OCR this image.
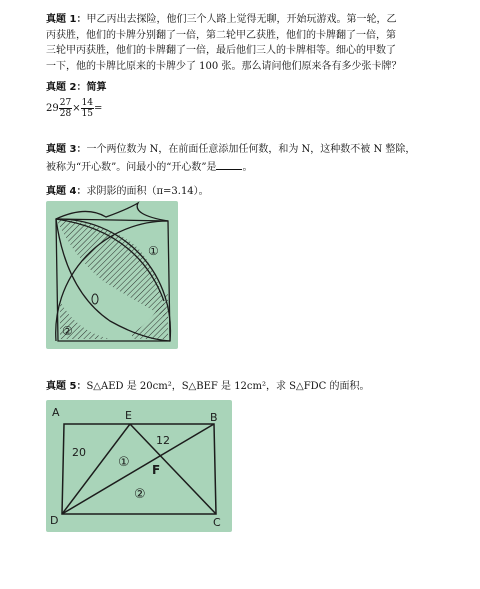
真题 1：甲乙丙出去探险，他们三个人路上觉得无聊，开始玩游戏。第一轮，乙
丙获胜，他们的卡牌分别翻了一倍，第二轮甲乙获胜，他们的卡牌翻了一倍，第
三轮甲丙获胜，他们的卡牌翻了一倍，最后他们三人的卡牌相等。细心的甲数了
一下，他的卡牌比原来的卡牌少了 100 张。那么请问他们原来各有多少张卡牌？
真题 2：简算
$29 \frac{27}{28} \times \frac{14}{15}$ =
真题 3：一个两位数为 N，在前面任意添加任何数，和为 N，这种数不被 N 整除，
被称为“开心数”。问最小的“开心数”是	。
真题 4：求阴影的面积（π=3.14）。
①
②
真题 5：S△AED 是 20cm²，S△BEF 是 12cm²，求 S△FDC 的面积。
A	E	B
D	C
F
20
12
①
②
